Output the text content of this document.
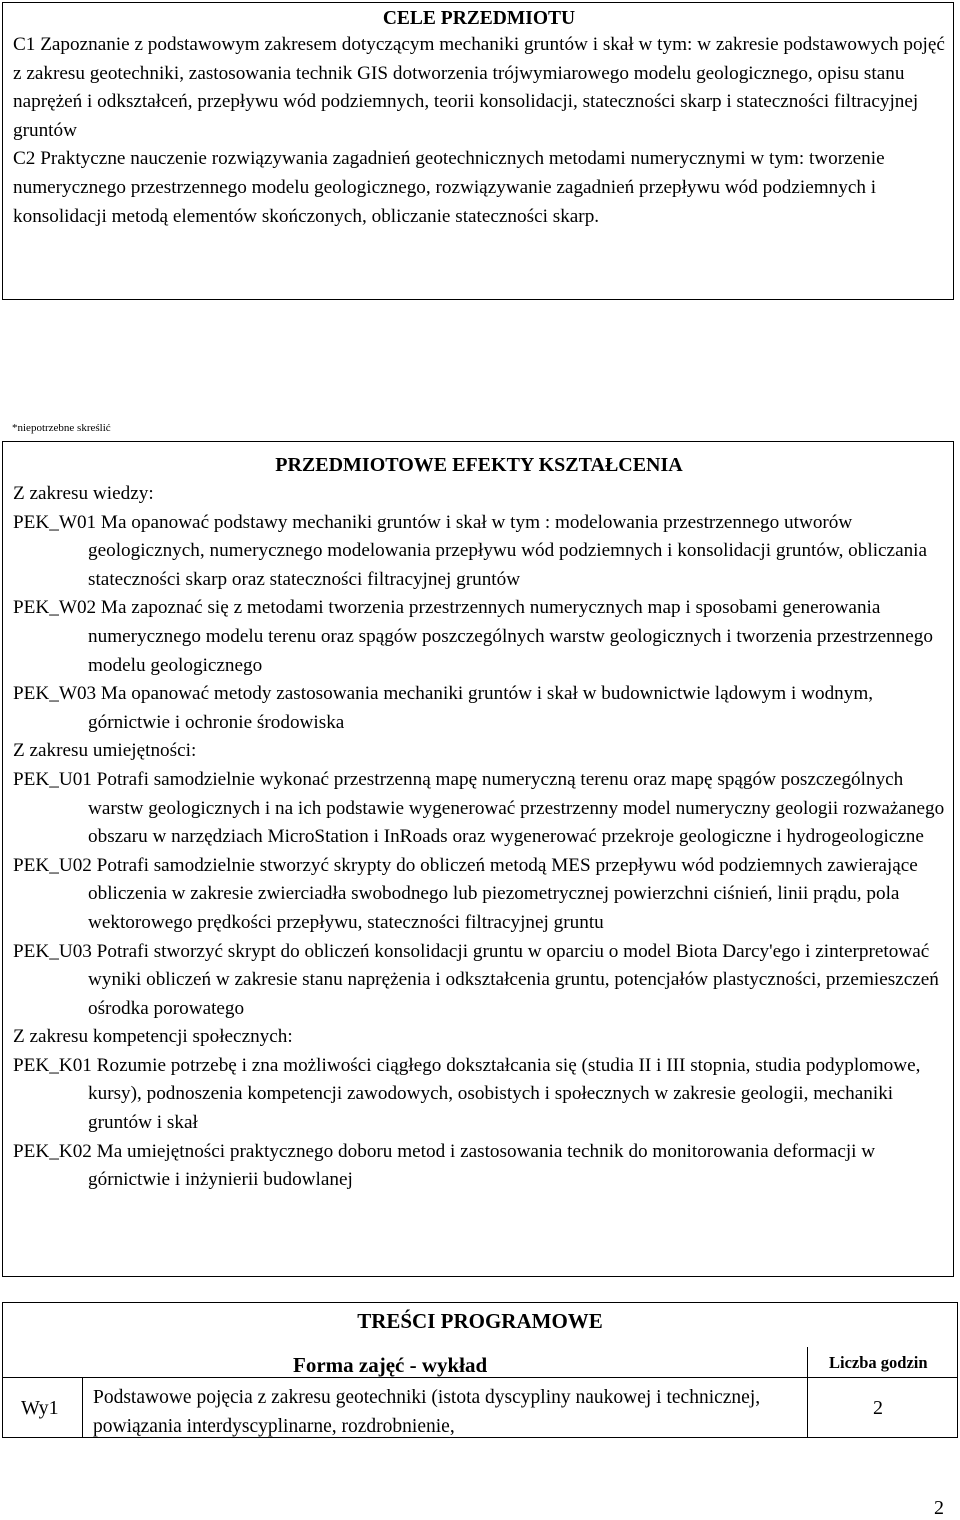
CELE PRZEDMIOTU

C1 Zapoznanie z podstawowym zakresem dotyczącym mechaniki gruntów i skał w tym: w zakresie podstawowych pojęć z zakresu geotechniki, zastosowania technik GIS dotworzenia trójwymiarowego modelu geologicznego, opisu stanu naprężeń i odkształceń, przepływu wód podziemnych, teorii konsolidacji, stateczności skarp i stateczności filtracyjnej gruntów

C2 Praktyczne nauczenie rozwiązywania zagadnień geotechnicznych metodami numerycznymi w tym: tworzenie numerycznego przestrzennego modelu geologicznego, rozwiązywanie zagadnień przepływu wód podziemnych i konsolidacji metodą elementów skończonych, obliczanie stateczności skarp.

*niepotrzebne skreślić
PRZEDMIOTOWE EFEKTY KSZTAŁCENIA

Z zakresu wiedzy:

PEK_W01 Ma opanować podstawy mechaniki gruntów i skał w tym : modelowania przestrzennego utworów geologicznych, numerycznego modelowania przepływu wód podziemnych i konsolidacji gruntów, obliczania stateczności skarp oraz stateczności filtracyjnej gruntów

PEK_W02 Ma zapoznać się z metodami tworzenia przestrzennych numerycznych map i sposobami generowania numerycznego modelu terenu oraz spągów poszczególnych warstw geologicznych i tworzenia przestrzennego modelu geologicznego

PEK_W03 Ma opanować metody zastosowania mechaniki gruntów i skał w budownictwie lądowym i wodnym, górnictwie i ochronie środowiska

Z zakresu umiejętności:

PEK_U01 Potrafi samodzielnie wykonać przestrzenną mapę numeryczną terenu oraz mapę spągów poszczególnych warstw geologicznych i na ich podstawie wygenerować przestrzenny model numeryczny geologii rozważanego obszaru w narzędziach MicroStation i InRoads oraz wygenerować przekroje geologiczne i hydrogeologiczne

PEK_U02 Potrafi samodzielnie stworzyć skrypty do obliczeń metodą MES przepływu wód podziemnych zawierające obliczenia w zakresie zwierciadła swobodnego lub piezometrycznej powierzchni ciśnień, linii prądu, pola wektorowego prędkości przepływu, stateczności filtracyjnej gruntu

PEK_U03 Potrafi stworzyć skrypt do obliczeń konsolidacji gruntu w oparciu o model Biota Darcy'ego i zinterpretować wyniki obliczeń w zakresie stanu naprężenia i odkształcenia gruntu, potencjałów plastyczności, przemieszczeń ośrodka porowatego

Z zakresu kompetencji społecznych:

PEK_K01 Rozumie potrzebę i zna możliwości ciągłego dokształcania się (studia II i III stopnia, studia podyplomowe, kursy), podnoszenia kompetencji zawodowych, osobistych i społecznych w zakresie geologii, mechaniki gruntów i skał

PEK_K02 Ma umiejętności praktycznego doboru metod i zastosowania technik do monitorowania deformacji w górnictwie i inżynierii budowlanej

TREŚCI PROGRAMOWE
Forma zajęć - wykład	Liczba godzin
Wy1 Podstawowe pojęcia z zakresu geotechniki (istota dyscypliny naukowej i technicznej, powiązania interdyscyplinarne, rozdrobnienie,
2
2
